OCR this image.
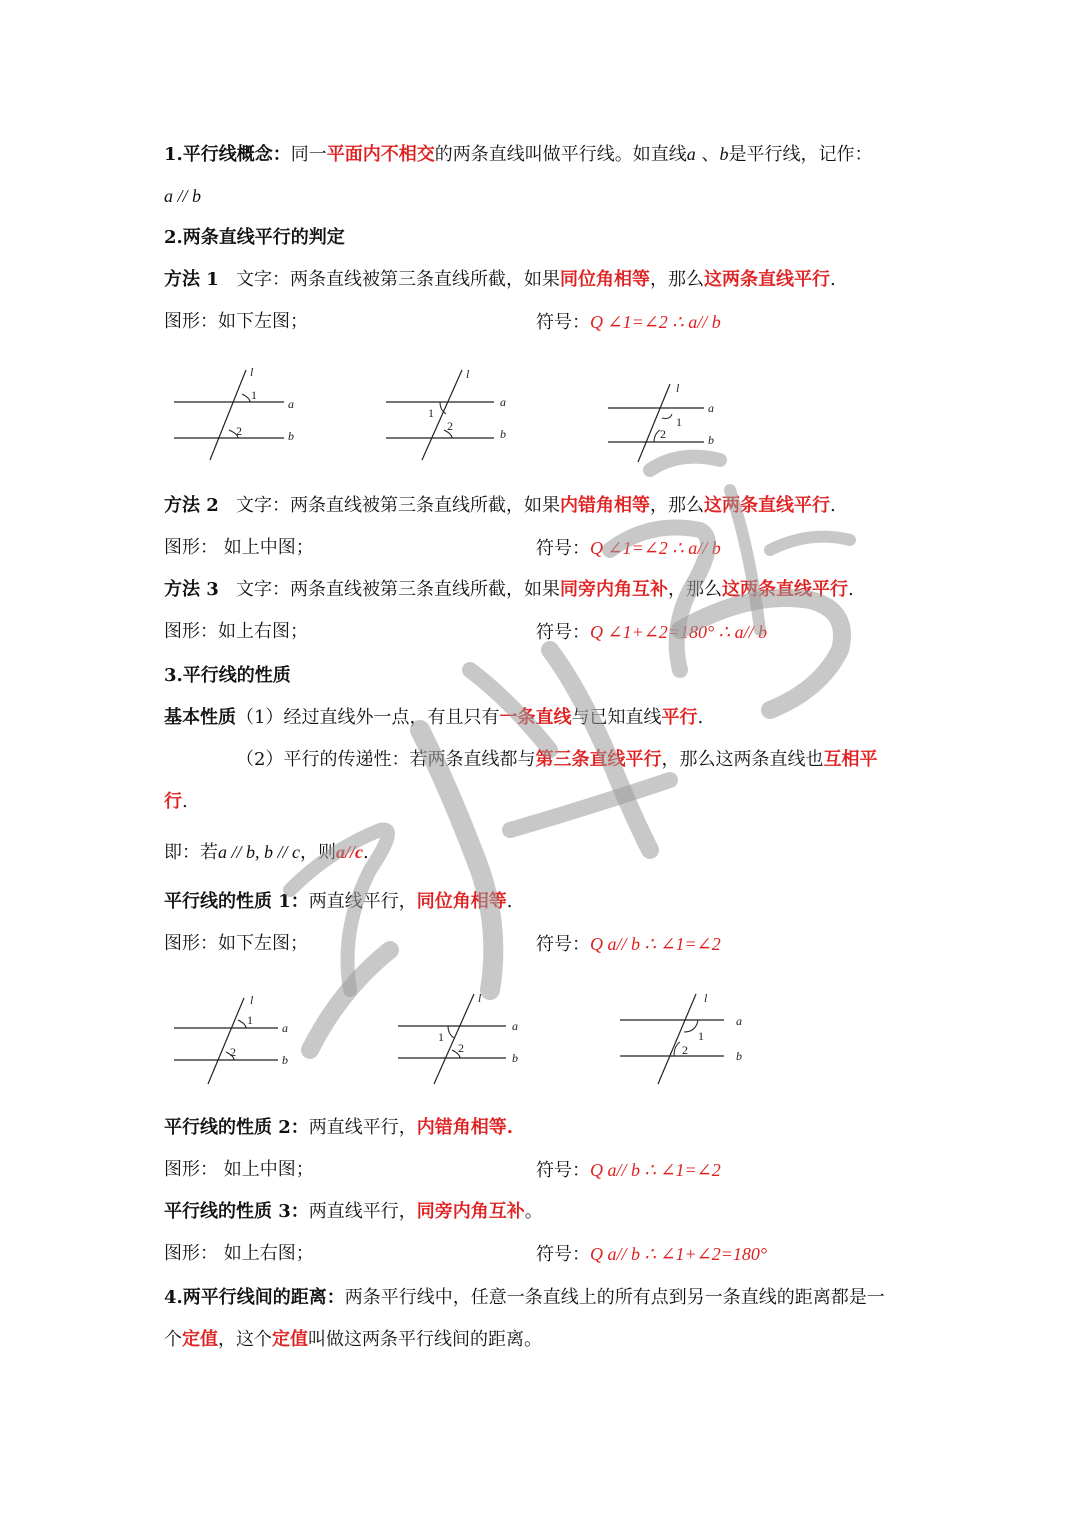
1.平行线概念：同一平面内不相交的两条直线叫做平行线。如直线a 、b是平行线，记作：
a // b
2.两条直线平行的判定
方法 1 文字：两条直线被第三条直线所截，如果同位角相等，那么这两条直线平行.
图形：如下左图；	符号：Q ∠1=∠2 ∴ a// b
l
1
2
a
b
l
1
2
a
b
l
1
2
a
b
方法 2 文字：两条直线被第三条直线所截，如果内错角相等，那么这两条直线平行.
图形： 如上中图；	符号：Q ∠1=∠2 ∴ a// b
方法 3 文字：两条直线被第三条直线所截，如果同旁内角互补，那么这两条直线平行.
图形：如上右图；	符号：Q ∠1+∠2=180° ∴ a// b
3.平行线的性质
基本性质（1）经过直线外一点，有且只有一条直线与已知直线平行.
（2）平行的传递性：若两条直线都与第三条直线平行，那么这两条直线也互相平
行.
即：若a // b, b // c，则a//c.
平行线的性质 1：两直线平行，同位角相等.
图形：如下左图；	符号：Q a// b ∴ ∠1=∠2
l
1
2
a
b
l
1
2
a
b
l
1
2
a
b
平行线的性质 2：两直线平行，内错角相等.
图形： 如上中图；	符号：Q a// b ∴ ∠1=∠2
平行线的性质 3：两直线平行，同旁内角互补。
图形： 如上右图；	符号：Q a// b ∴ ∠1+∠2=180°
4.两平行线间的距离：两条平行线中，任意一条直线上的所有点到另一条直线的距离都是一
个定值，这个定值叫做这两条平行线间的距离。
